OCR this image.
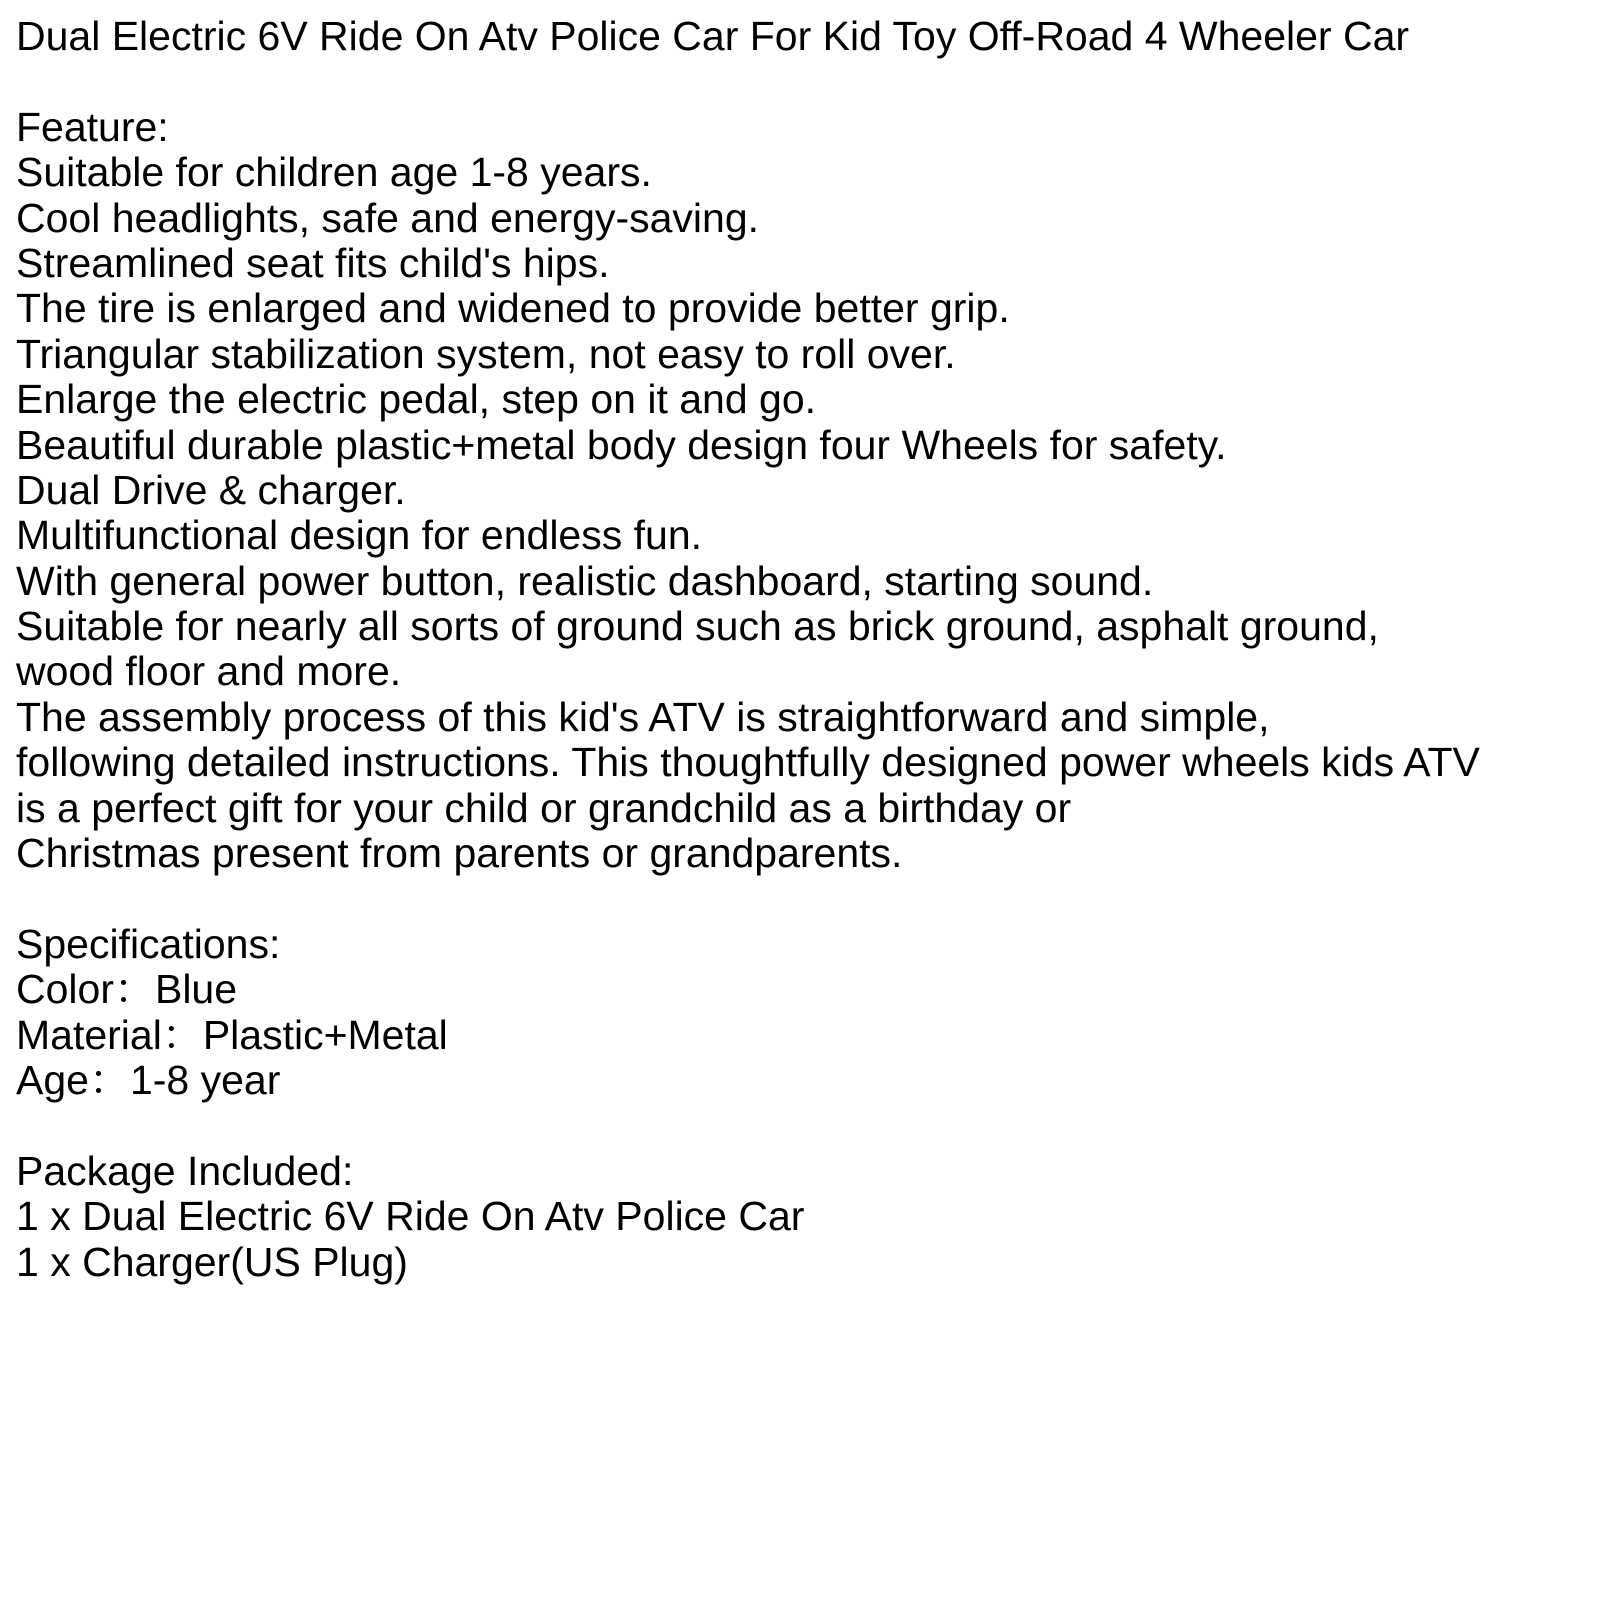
Dual Electric 6V Ride On Atv Police Car For Kid Toy Off-Road 4 Wheeler Car
Feature:
Suitable for children age 1-8 years.
Cool headlights, safe and energy-saving.
Streamlined seat fits child's hips.
The tire is enlarged and widened to provide better grip.
Triangular stabilization system, not easy to roll over.
Enlarge the electric pedal, step on it and go.
Beautiful durable plastic+metal body design four Wheels for safety.
Dual Drive & charger.
Multifunctional design for endless fun.
With general power button, realistic dashboard, starting sound.
Suitable for nearly all sorts of ground such as brick ground, asphalt ground,
wood floor and more.
The assembly process of this kid's ATV is straightforward and simple,
following detailed instructions. This thoughtfully designed power wheels kids ATV
is a perfect gift for your child or grandchild as a birthday or
Christmas present from parents or grandparents.
Specifications:
Color：Blue
Material：Plastic+Metal
Age：1-8 year
Package Included:
1 x Dual Electric 6V Ride On Atv Police Car
1 x Charger(US Plug)
